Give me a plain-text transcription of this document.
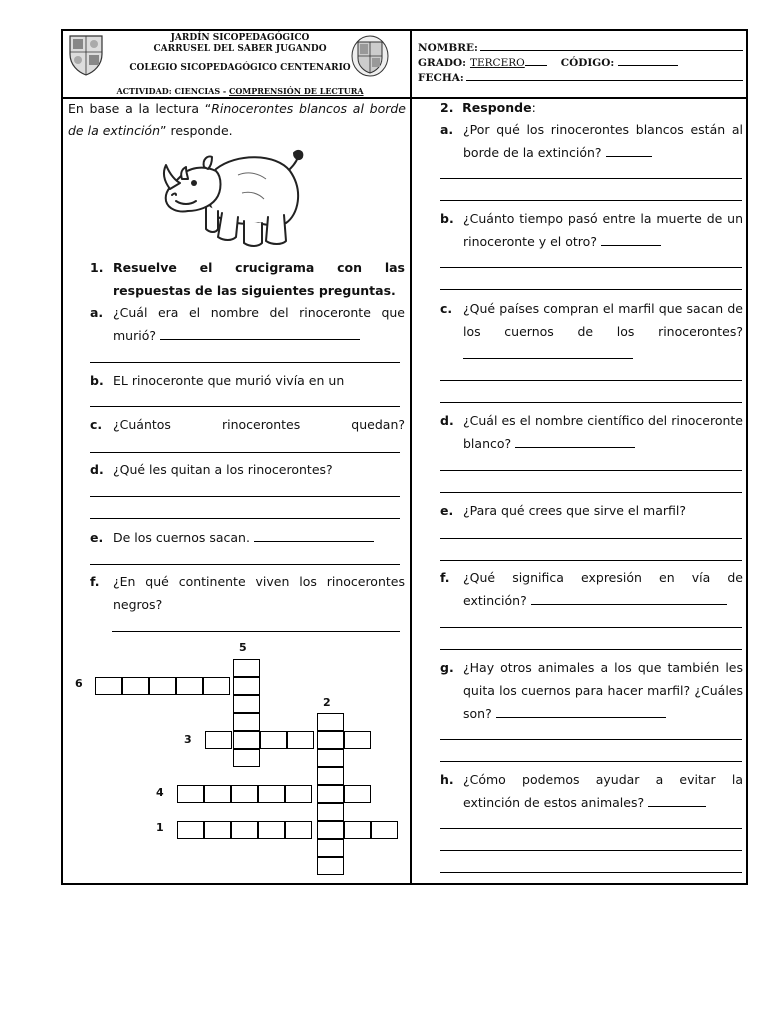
JARDÍN SICOPEDAGÓGICO
CARRUSEL DEL SABER JUGANDO
COLEGIO SICOPEDAGÓGICO CENTENARIO
ACTIVIDAD: CIENCIAS - COMPRENSIÓN DE LECTURA
NOMBRE:
GRADO: TERCERO	CÓDIGO:
FECHA:
En base a la lectura “Rinocerontes blancos al borde de la extinción” responde.
1. Resuelve el crucigrama con las respuestas de las siguientes preguntas.
a. ¿Cuál era el nombre del rinoceronte que murió?
b. EL rinoceronte que murió vivía en un
c. ¿Cuántos rinocerontes quedan?
d. ¿Qué les quitan a los rinocerontes?
e. De los cuernos sacan.
f. ¿En qué continente viven los rinocerontes negros?
5
6
2
3
4
1
2. Responde:
a. ¿Por qué los rinocerontes blancos están al borde de la extinción?
b. ¿Cuánto tiempo pasó entre la muerte de un rinoceronte y el otro?
c. ¿Qué países compran el marfil que sacan de los cuernos de los rinocerontes?
d. ¿Cuál es el nombre científico del rinoceronte blanco?
e. ¿Para qué crees que sirve el marfil?
f. ¿Qué significa expresión en vía de extinción?
g. ¿Hay otros animales a los que también les quita los cuernos para hacer marfil? ¿Cuáles son?
h. ¿Cómo podemos ayudar a evitar la extinción de estos animales?
